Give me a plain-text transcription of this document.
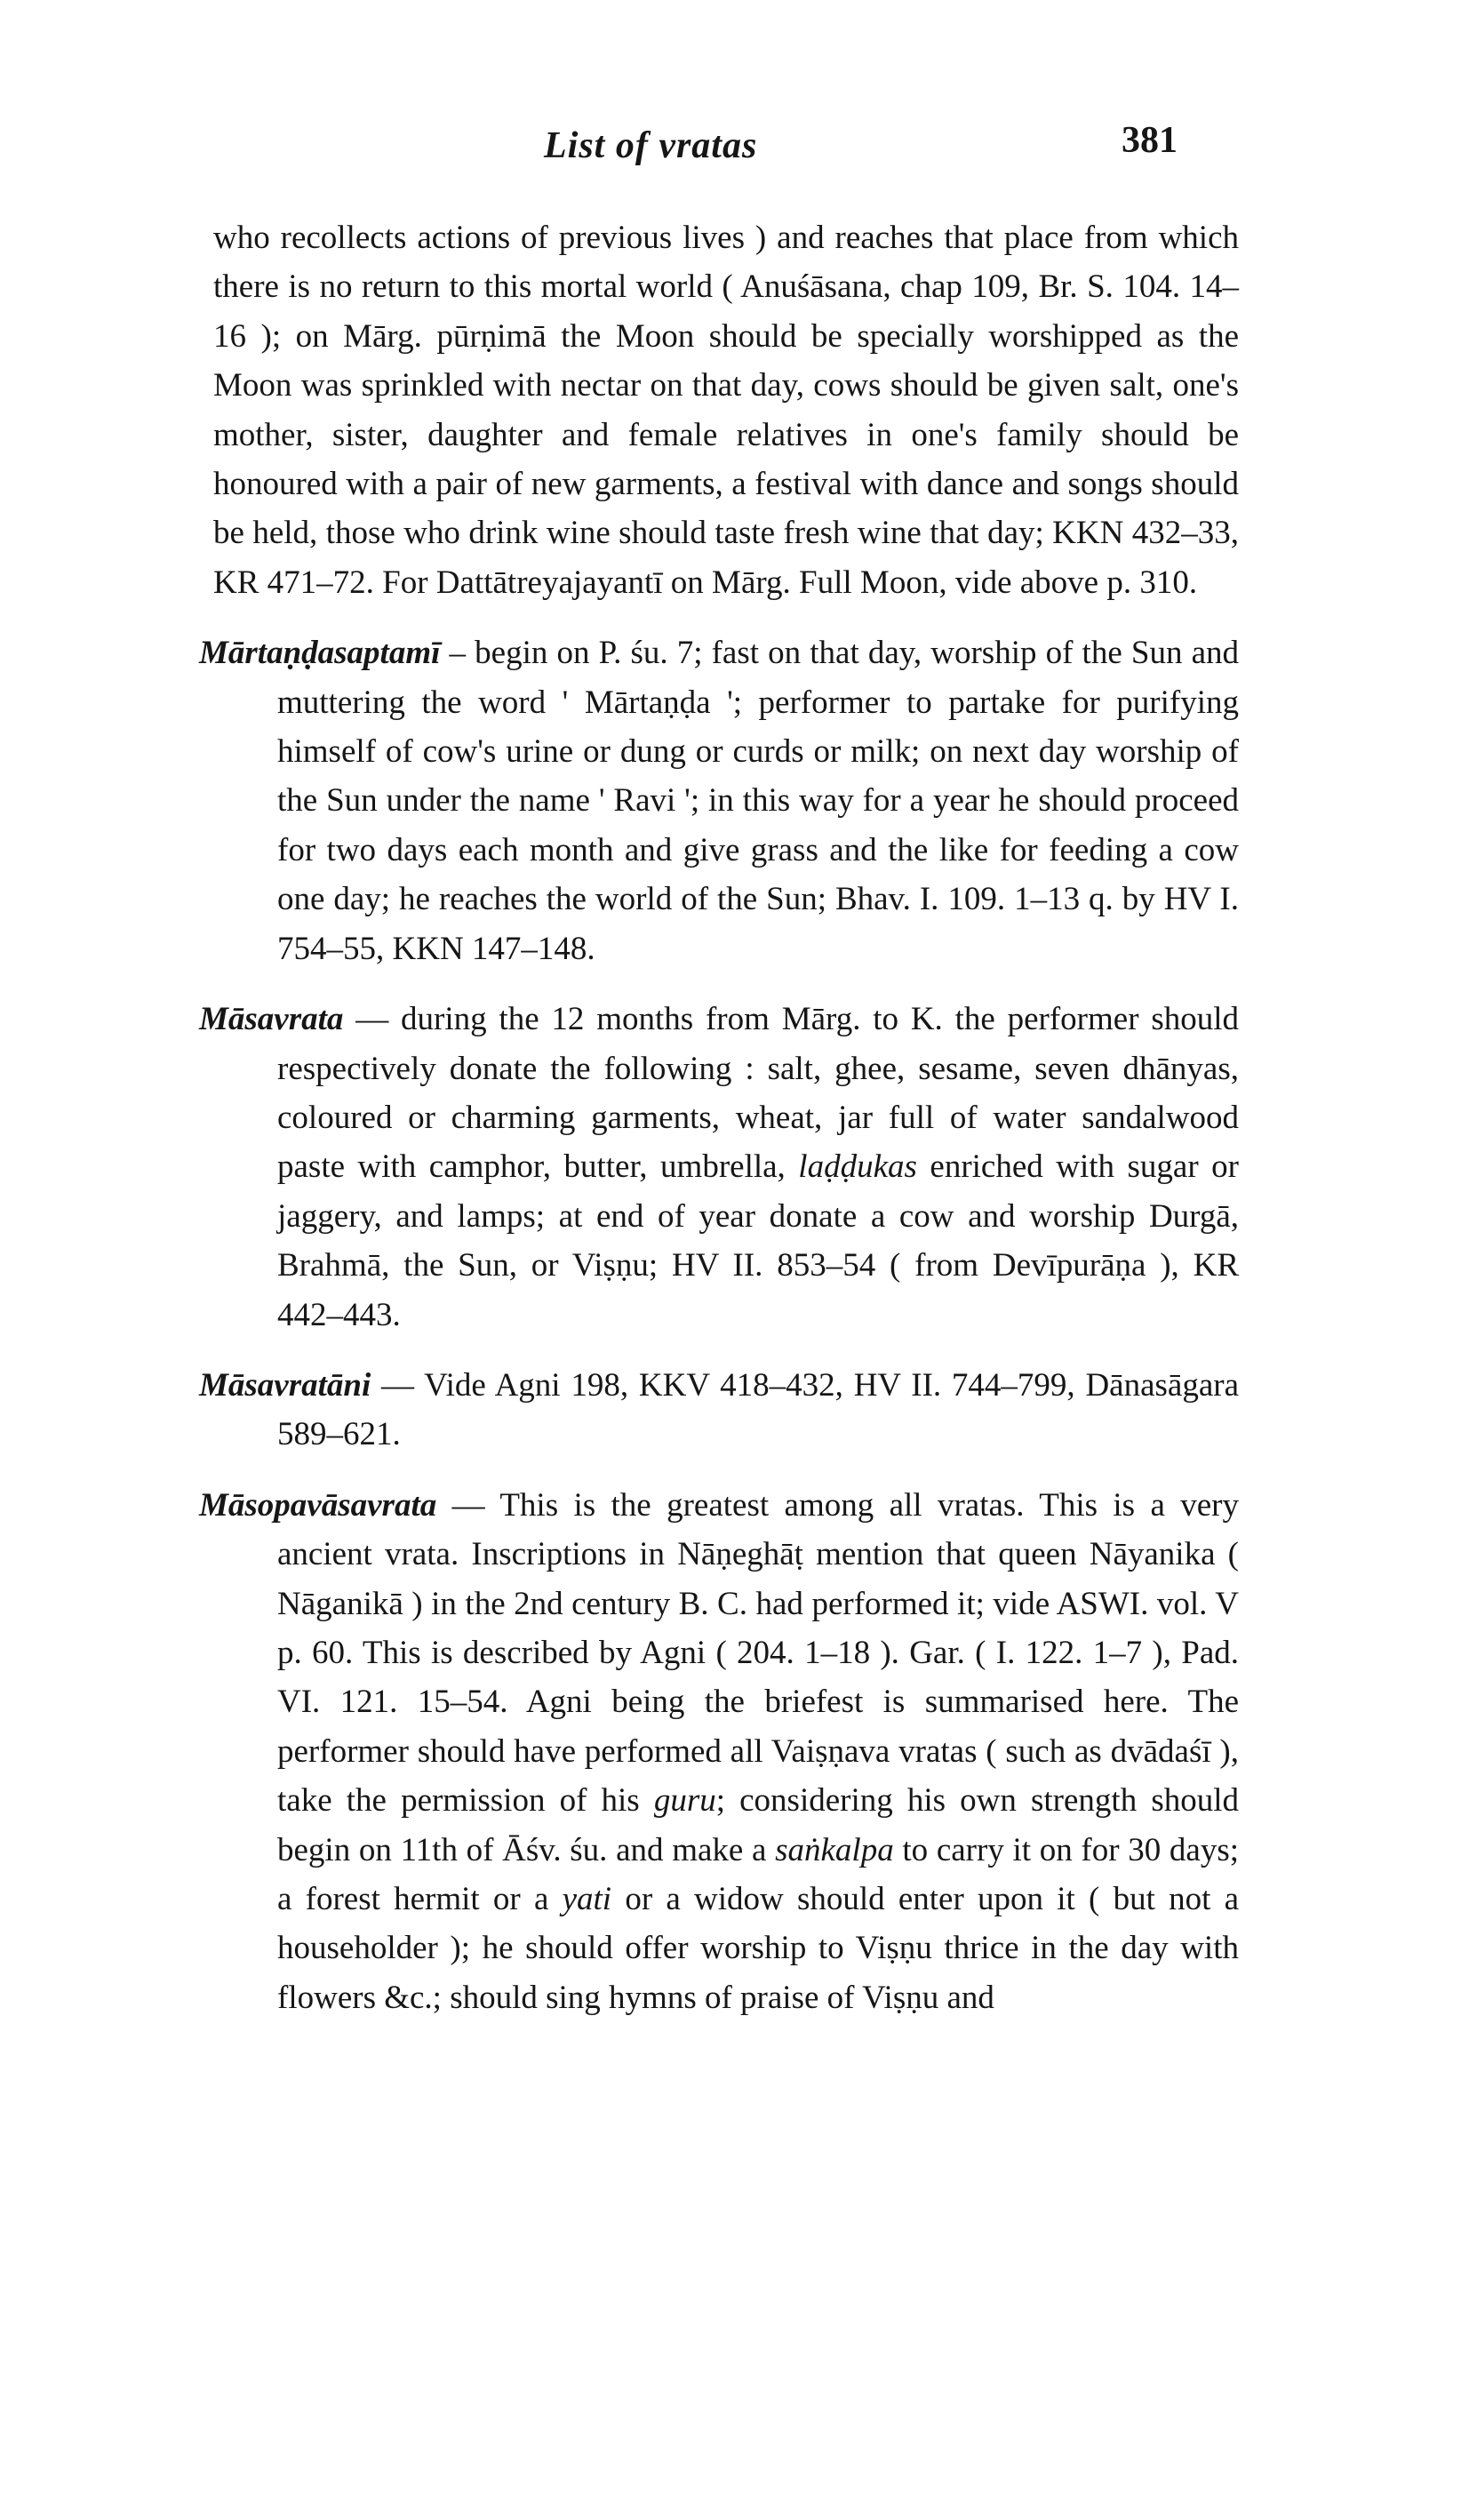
List of vratas	381

who recollects actions of previous lives ) and reaches that place from which there is no return to this mortal world ( Anuśāsana, chap 109, Br. S. 104. 14–16 ); on Mārg. pūrṇimā the Moon should be specially worshipped as the Moon was sprinkled with nectar on that day, cows should be given salt, one's mother, sister, daughter and female relatives in one's family should be honoured with a pair of new garments, a festival with dance and songs should be held, those who drink wine should taste fresh wine that day; KKN 432–33, KR 471–72. For Dattātreyajayantī on Mārg. Full Moon, vide above p. 310.

Mārtaṇḍasaptamī – begin on P. śu. 7; fast on that day, worship of the Sun and muttering the word ' Mārtaṇḍa '; performer to partake for purifying himself of cow's urine or dung or curds or milk; on next day worship of the Sun under the name ' Ravi '; in this way for a year he should proceed for two days each month and give grass and the like for feeding a cow one day; he reaches the world of the Sun; Bhav. I. 109. 1–13 q. by HV I. 754–55, KKN 147–148.

Māsavrata — during the 12 months from Mārg. to K. the performer should respectively donate the following : salt, ghee, sesame, seven dhānyas, coloured or charming garments, wheat, jar full of water sandalwood paste with camphor, butter, umbrella, laḍḍukas enriched with sugar or jaggery, and lamps; at end of year donate a cow and worship Durgā, Brahmā, the Sun, or Viṣṇu; HV II. 853–54 ( from Devīpurāṇa ), KR 442–443.

Māsavratāni — Vide Agni 198, KKV 418–432, HV II. 744–799, Dānasāgara 589–621.

Māsopavāsavrata — This is the greatest among all vratas. This is a very ancient vrata. Inscriptions in Nāṇeghāṭ mention that queen Nāyanika ( Nāganikā ) in the 2nd century B. C. had performed it; vide ASWI. vol. V p. 60. This is described by Agni ( 204. 1–18 ). Gar. ( I. 122. 1–7 ), Pad. VI. 121. 15–54. Agni being the briefest is summarised here. The performer should have performed all Vaiṣṇava vratas ( such as dvādaśī ), take the permission of his guru; considering his own strength should begin on 11th of Āśv. śu. and make a saṅkalpa to carry it on for 30 days; a forest hermit or a yati or a widow should enter upon it ( but not a householder ); he should offer worship to Viṣṇu thrice in the day with flowers &c.; should sing hymns of praise of Viṣṇu and
